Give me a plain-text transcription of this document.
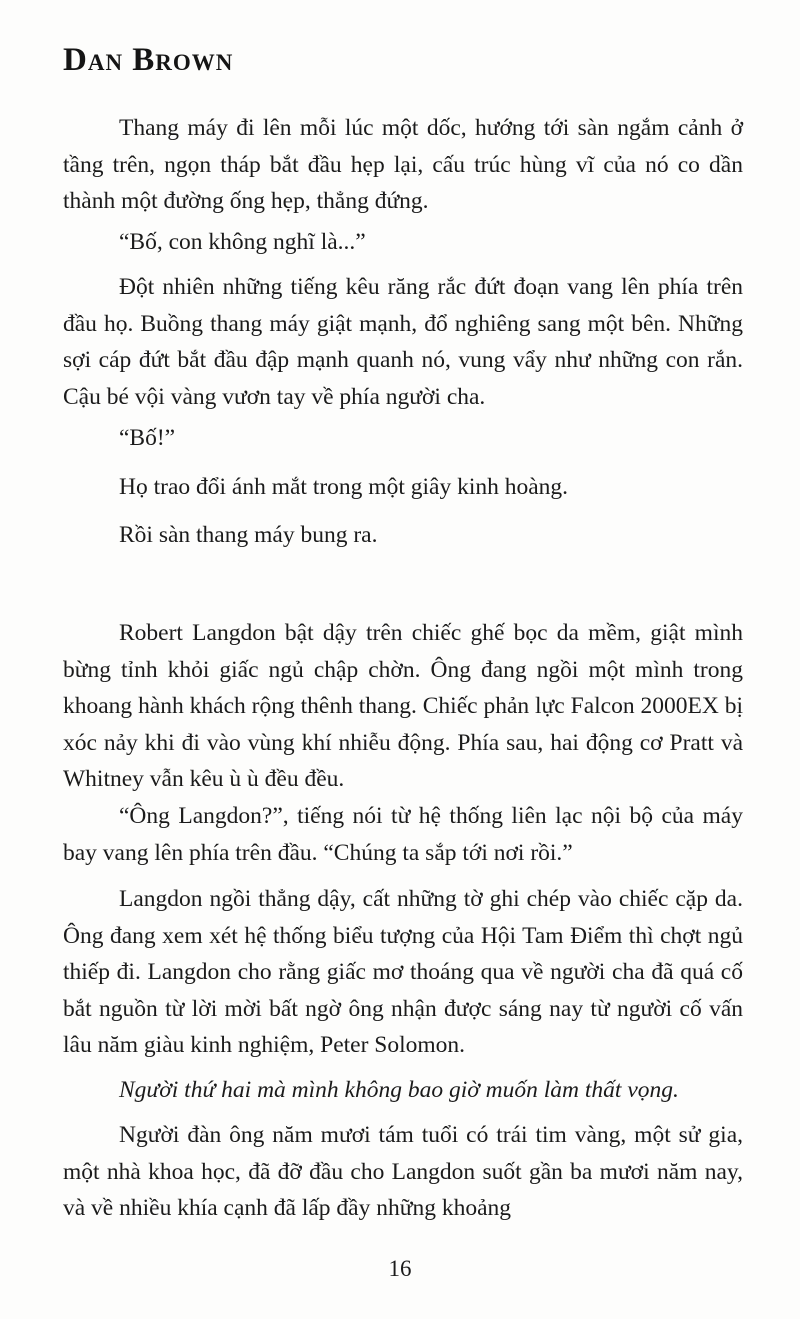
Dan Brown

Thang máy đi lên mỗi lúc một dốc, hướng tới sàn ngắm cảnh ở tầng trên, ngọn tháp bắt đầu hẹp lại, cấu trúc hùng vĩ của nó co dần thành một đường ống hẹp, thẳng đứng.

“Bố, con không nghĩ là...”

Đột nhiên những tiếng kêu răng rắc đứt đoạn vang lên phía trên đầu họ. Buồng thang máy giật mạnh, đổ nghiêng sang một bên. Những sợi cáp đứt bắt đầu đập mạnh quanh nó, vung vẩy như những con rắn. Cậu bé vội vàng vươn tay về phía người cha.

“Bố!”

Họ trao đổi ánh mắt trong một giây kinh hoàng.

Rồi sàn thang máy bung ra.

Robert Langdon bật dậy trên chiếc ghế bọc da mềm, giật mình bừng tỉnh khỏi giấc ngủ chập chờn. Ông đang ngồi một mình trong khoang hành khách rộng thênh thang. Chiếc phản lực Falcon 2000EX bị xóc nảy khi đi vào vùng khí nhiễu động. Phía sau, hai động cơ Pratt và Whitney vẫn kêu ù ù đều đều.

“Ông Langdon?”, tiếng nói từ hệ thống liên lạc nội bộ của máy bay vang lên phía trên đầu. “Chúng ta sắp tới nơi rồi.”

Langdon ngồi thẳng dậy, cất những tờ ghi chép vào chiếc cặp da. Ông đang xem xét hệ thống biểu tượng của Hội Tam Điểm thì chợt ngủ thiếp đi. Langdon cho rằng giấc mơ thoáng qua về người cha đã quá cố bắt nguồn từ lời mời bất ngờ ông nhận được sáng nay từ người cố vấn lâu năm giàu kinh nghiệm, Peter Solomon.

Người thứ hai mà mình không bao giờ muốn làm thất vọng.

Người đàn ông năm mươi tám tuổi có trái tim vàng, một sử gia, một nhà khoa học, đã đỡ đầu cho Langdon suốt gần ba mươi năm nay, và về nhiều khía cạnh đã lấp đầy những khoảng

16
